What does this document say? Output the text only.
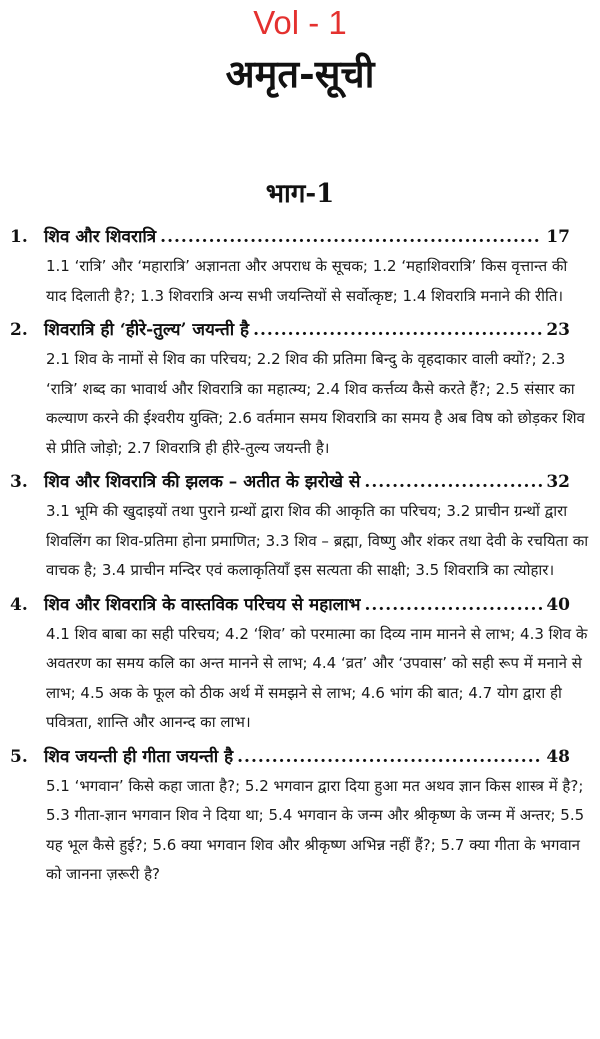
Vol - 1
अमृत-सूची
भाग-1
1. शिव और शिवरात्रि .....	17
1.1 ‘रात्रि’ और ‘महारात्रि’ अज्ञानता और अपराध के सूचक; 1.2 ‘महाशिवरात्रि’ किस वृत्तान्त की याद दिलाती है?; 1.3 शिवरात्रि अन्य सभी जयन्तियों से सर्वोत्कृष्ट; 1.4 शिवरात्रि मनाने की रीति।
2. शिवरात्रि ही ‘हीरे-तुल्य’ जयन्ती है .....	23
2.1 शिव के नामों से शिव का परिचय; 2.2 शिव की प्रतिमा बिन्दु के वृहदाकार वाली क्यों?; 2.3 ‘रात्रि’ शब्द का भावार्थ और शिवरात्रि का महात्म्य; 2.4 शिव कर्त्तव्य कैसे करते हैं?; 2.5 संसार का कल्याण करने की ईश्वरीय युक्ति; 2.6 वर्तमान समय शिवरात्रि का समय है अब विष को छोड़कर शिव से प्रीति जोड़ो; 2.7 शिवरात्रि ही हीरे-तुल्य जयन्ती है।
3. शिव और शिवरात्रि की झलक – अतीत के झरोखे से .....	32
3.1 भूमि की खुदाइयों तथा पुराने ग्रन्थों द्वारा शिव की आकृति का परिचय; 3.2 प्राचीन ग्रन्थों द्वारा शिवलिंग का शिव-प्रतिमा होना प्रमाणित; 3.3 शिव – ब्रह्मा, विष्णु और शंकर तथा देवी के रचयिता का वाचक है; 3.4 प्राचीन मन्दिर एवं कलाकृतियाँ इस सत्यता की साक्षी; 3.5 शिवरात्रि का त्योहार।
4. शिव और शिवरात्रि के वास्तविक परिचय से महालाभ .....	40
4.1 शिव बाबा का सही परिचय; 4.2 ‘शिव’ को परमात्मा का दिव्य नाम मानने से लाभ; 4.3 शिव के अवतरण का समय कलि का अन्त मानने से लाभ; 4.4 ‘व्रत’ और ‘उपवास’ को सही रूप में मनाने से लाभ; 4.5 अक के फूल को ठीक अर्थ में समझने से लाभ; 4.6 भांग की बात; 4.7 योग द्वारा ही पवित्रता, शान्ति और आनन्द का लाभ।
5. शिव जयन्ती ही गीता जयन्ती है .....	48
5.1 ‘भगवान’ किसे कहा जाता है?; 5.2 भगवान द्वारा दिया हुआ मत अथव ज्ञान किस शास्त्र में है?; 5.3 गीता-ज्ञान भगवान शिव ने दिया था; 5.4 भगवान के जन्म और श्रीकृष्ण के जन्म में अन्तर; 5.5 यह भूल कैसे हुई?; 5.6 क्या भगवान शिव और श्रीकृष्ण अभिन्न नहीं हैं?; 5.7 क्या गीता के भगवान को जानना ज़रूरी है?
